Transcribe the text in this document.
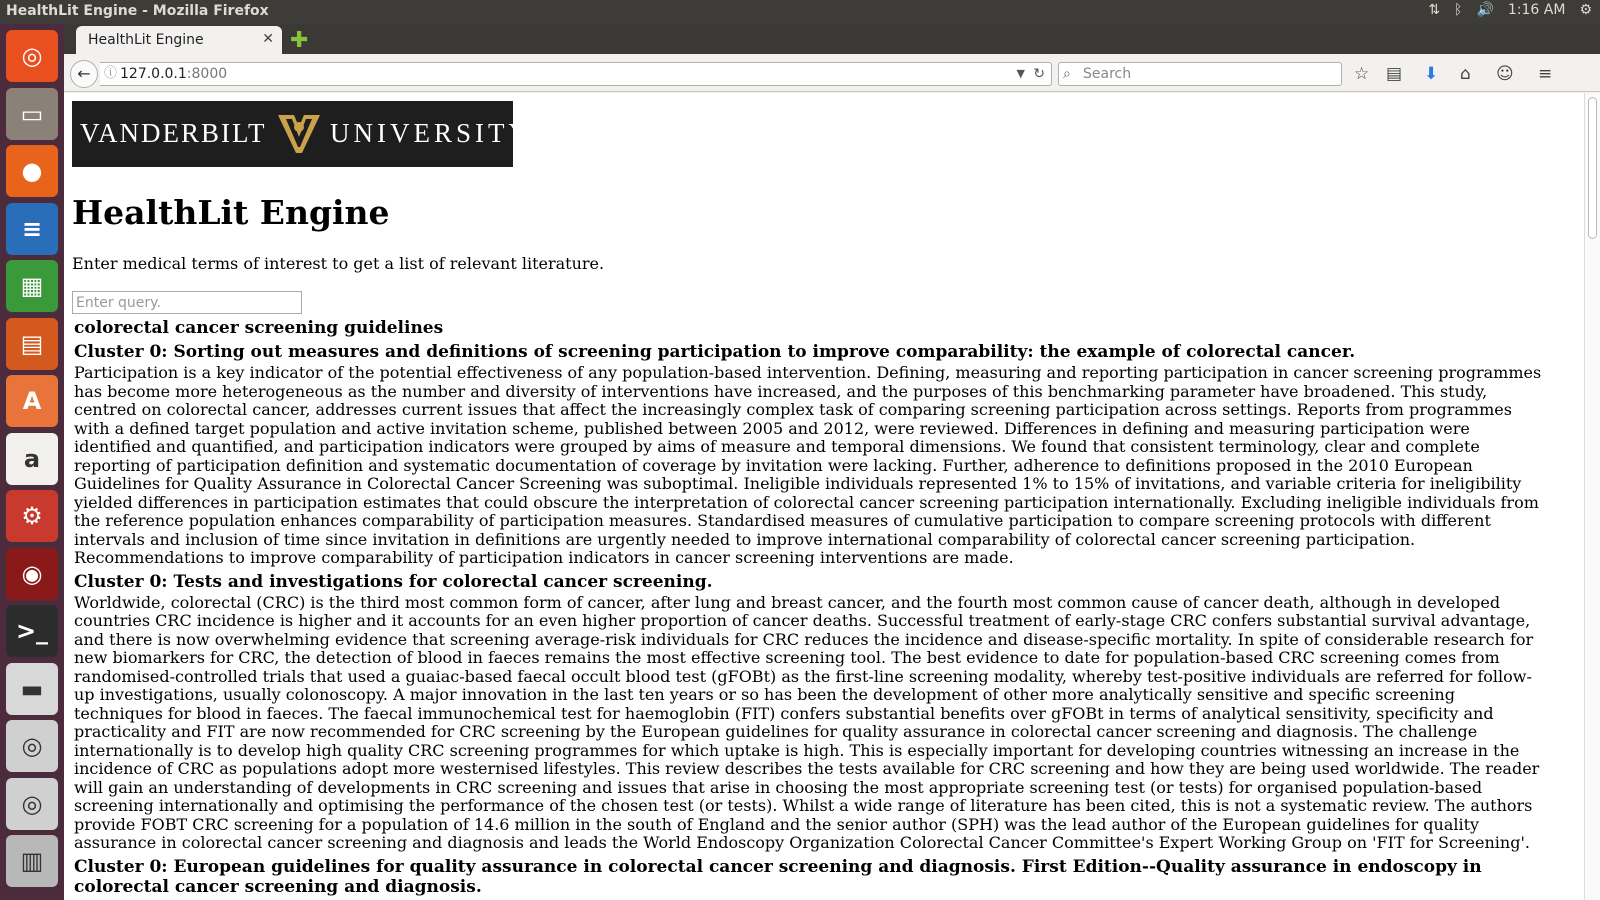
HealthLit Engine - Mozilla Firefox	⇅ ᛒ 🔊 1:16 AM ⚙
◎
▭
●
≡
▦
▤
A
a
⚙
◉
>_
▬
◎
◎
▥
HealthLit Engine	✕ ✚
←	ⓘ 127.0.0.1:8000	▼ ↻ ⌕ Search	☆ ▤ ⬇ ⌂ ☺ ≡
VANDERBILT UNIVERSITY
HealthLit Engine

Enter medical terms of interest to get a list of relevant literature.

Enter query.
colorectal cancer screening guidelines
Cluster 0: Sorting out measures and definitions of screening participation to improve comparability: the example of colorectal cancer.
Participation is a key indicator of the potential effectiveness of any population-based intervention. Defining, measuring and reporting participation in cancer screening programmes has become more heterogeneous as the number and diversity of interventions have increased, and the purposes of this benchmarking parameter have broadened. This study, centred on colorectal cancer, addresses current issues that affect the increasingly complex task of comparing screening participation across settings. Reports from programmes with a defined target population and active invitation scheme, published between 2005 and 2012, were reviewed. Differences in defining and measuring participation were identified and quantified, and participation indicators were grouped by aims of measure and temporal dimensions. We found that consistent terminology, clear and complete reporting of participation definition and systematic documentation of coverage by invitation were lacking. Further, adherence to definitions proposed in the 2010 European Guidelines for Quality Assurance in Colorectal Cancer Screening was suboptimal. Ineligible individuals represented 1% to 15% of invitations, and variable criteria for ineligibility yielded differences in participation estimates that could obscure the interpretation of colorectal cancer screening participation internationally. Excluding ineligible individuals from the reference population enhances comparability of participation measures. Standardised measures of cumulative participation to compare screening protocols with different intervals and inclusion of time since invitation in definitions are urgently needed to improve international comparability of colorectal cancer screening participation. Recommendations to improve comparability of participation indicators in cancer screening interventions are made.
Cluster 0: Tests and investigations for colorectal cancer screening.
Worldwide, colorectal (CRC) is the third most common form of cancer, after lung and breast cancer, and the fourth most common cause of cancer death, although in developed countries CRC incidence is higher and it accounts for an even higher proportion of cancer deaths. Successful treatment of early-stage CRC confers substantial survival advantage, and there is now overwhelming evidence that screening average-risk individuals for CRC reduces the incidence and disease-specific mortality. In spite of considerable research for new biomarkers for CRC, the detection of blood in faeces remains the most effective screening tool. The best evidence to date for population-based CRC screening comes from randomised-controlled trials that used a guaiac-based faecal occult blood test (gFOBt) as the first-line screening modality, whereby test-positive individuals are referred for follow-up investigations, usually colonoscopy. A major innovation in the last ten years or so has been the development of other more analytically sensitive and specific screening techniques for blood in faeces. The faecal immunochemical test for haemoglobin (FIT) confers substantial benefits over gFOBt in terms of analytical sensitivity, specificity and practicality and FIT are now recommended for CRC screening by the European guidelines for quality assurance in colorectal cancer screening and diagnosis. The challenge internationally is to develop high quality CRC screening programmes for which uptake is high. This is especially important for developing countries witnessing an increase in the incidence of CRC as populations adopt more westernised lifestyles. This review describes the tests available for CRC screening and how they are being used worldwide. The reader will gain an understanding of developments in CRC screening and issues that arise in choosing the most appropriate screening test (or tests) for organised population-based screening internationally and optimising the performance of the chosen test (or tests). Whilst a wide range of literature has been cited, this is not a systematic review. The authors provide FOBT CRC screening for a population of 14.6 million in the south of England and the senior author (SPH) was the lead author of the European guidelines for quality assurance in colorectal cancer screening and diagnosis and leads the World Endoscopy Organization Colorectal Cancer Committee's Expert Working Group on 'FIT for Screening'.
Cluster 0: European guidelines for quality assurance in colorectal cancer screening and diagnosis. First Edition--Quality assurance in endoscopy in colorectal cancer screening and diagnosis.
